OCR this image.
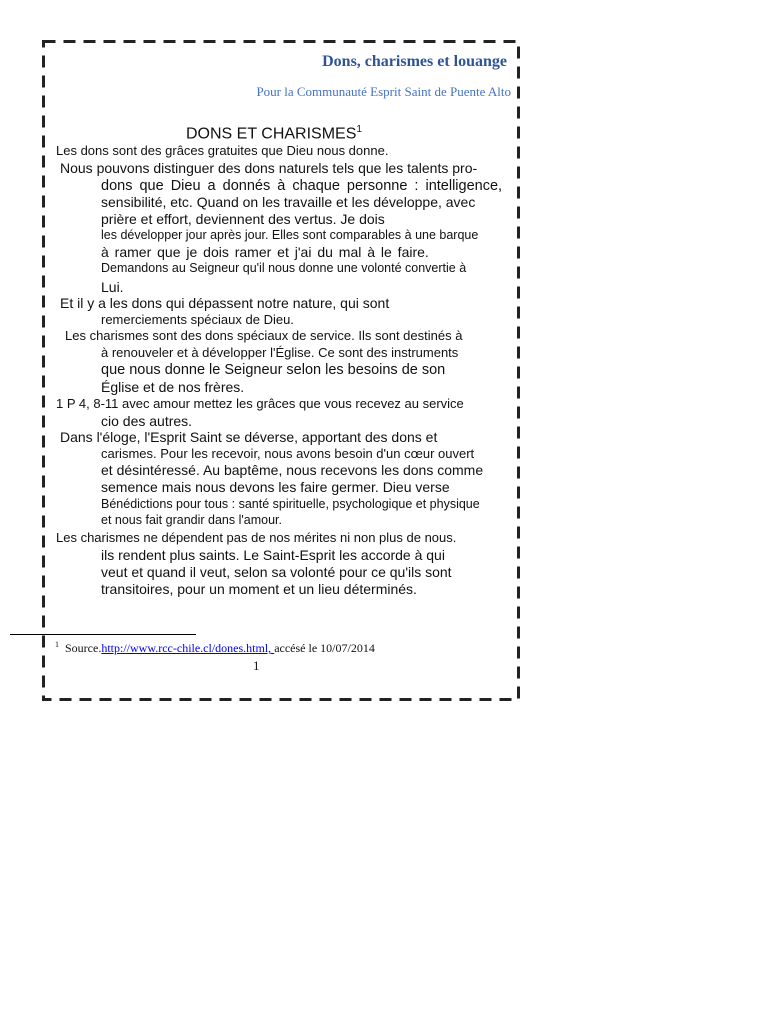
Dons, charismes et louange
Pour la Communauté Esprit Saint de Puente Alto
DONS ET CHARISMES$^1$
Les dons sont des grâces gratuites que Dieu nous donne.
Nous pouvons distinguer des dons naturels tels que les talents pro-
dons que Dieu a donnés à chaque personne : intelligence,
sensibilité, etc. Quand on les travaille et les développe, avec
prière et effort, deviennent des vertus. Je dois
les développer jour après jour. Elles sont comparables à une barque
à ramer que je dois ramer et j'ai du mal à le faire.
Demandons au Seigneur qu'il nous donne une volonté convertie à
Lui.
Et il y a les dons qui dépassent notre nature, qui sont
remerciements spéciaux de Dieu.
Les charismes sont des dons spéciaux de service. Ils sont destinés à
à renouveler et à développer l'Église. Ce sont des instruments
que nous donne le Seigneur selon les besoins de son
Église et de nos frères.
1 P 4, 8-11 avec amour mettez les grâces que vous recevez au service
cio des autres.
Dans l'éloge, l'Esprit Saint se déverse, apportant des dons et
carismes. Pour les recevoir, nous avons besoin d'un cœur ouvert
et désintéressé. Au baptême, nous recevons les dons comme
semence mais nous devons les faire germer. Dieu verse
Bénédictions pour tous : santé spirituelle, psychologique et physique
et nous fait grandir dans l'amour.
Les charismes ne dépendent pas de nos mérites ni non plus de nous.
ils rendent plus saints. Le Saint-Esprit les accorde à qui
veut et quand il veut, selon sa volonté pour ce qu'ils sont
transitoires, pour un moment et un lieu déterminés.
$^1$ Source.http://www.rcc-chile.cl/dones.html, accésé le 10/07/2014
1
